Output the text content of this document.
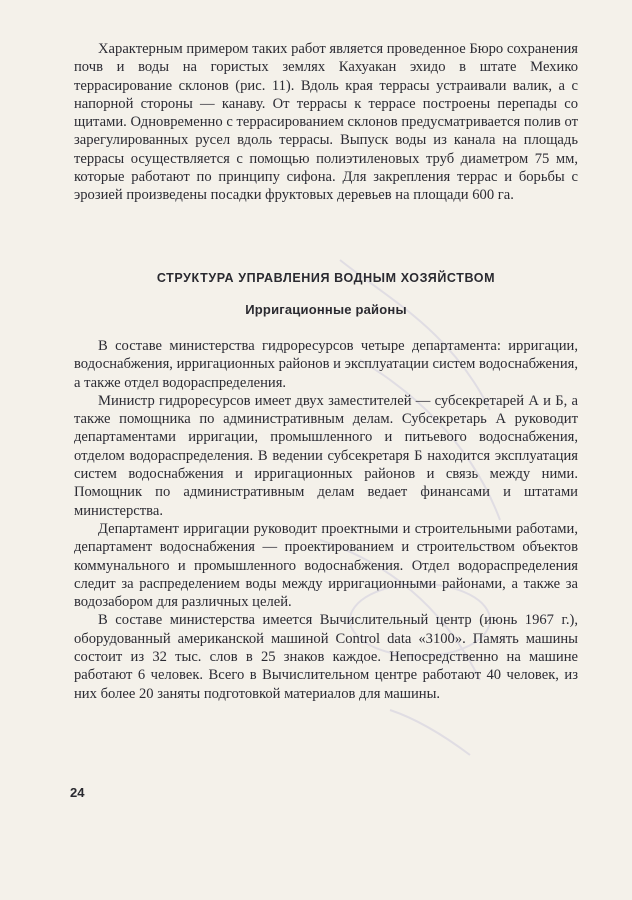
Характерным примером таких работ является проведенное Бюро сохранения почв и воды на гористых землях Кахуакан эхидо в штате Мехико террасирование склонов (рис. 11). Вдоль края террасы устраивали валик, а с напорной стороны — канаву. От террасы к террасе построены перепады со щитами. Одновременно с террасированием склонов предусматривается полив от зарегулированных русел вдоль террасы. Выпуск воды из канала на площадь террасы осуществляется с помощью полиэтиленовых труб диаметром 75 мм, которые работают по принципу сифона. Для закрепления террас и борьбы с эрозией произведены посадки фруктовых деревьев на площади 600 га.

СТРУКТУРА УПРАВЛЕНИЯ ВОДНЫМ ХОЗЯЙСТВОМ
Ирригационные районы

В составе министерства гидроресурсов четыре департамента: ирригации, водоснабжения, ирригационных районов и эксплуатации систем водоснабжения, а также отдел водораспределения.

Министр гидроресурсов имеет двух заместителей — субсекретарей А и Б, а также помощника по административным делам. Субсекретарь А руководит департаментами ирригации, промышленного и питьевого водоснабжения, отделом водораспределения. В ведении субсекретаря Б находится эксплуатация систем водоснабжения и ирригационных районов и связь между ними. Помощник по административным делам ведает финансами и штатами министерства.

Департамент ирригации руководит проектными и строительными работами, департамент водоснабжения — проектированием и строительством объектов коммунального и промышленного водоснабжения. Отдел водораспределения следит за распределением воды между ирригационными районами, а также за водозабором для различных целей.

В составе министерства имеется Вычислительный центр (июнь 1967 г.), оборудованный американской машиной Control data «3100». Память машины состоит из 32 тыс. слов в 25 знаков каждое. Непосредственно на машине работают 6 человек. Всего в Вычислительном центре работают 40 человек, из них более 20 заняты подготовкой материалов для машины.

24
